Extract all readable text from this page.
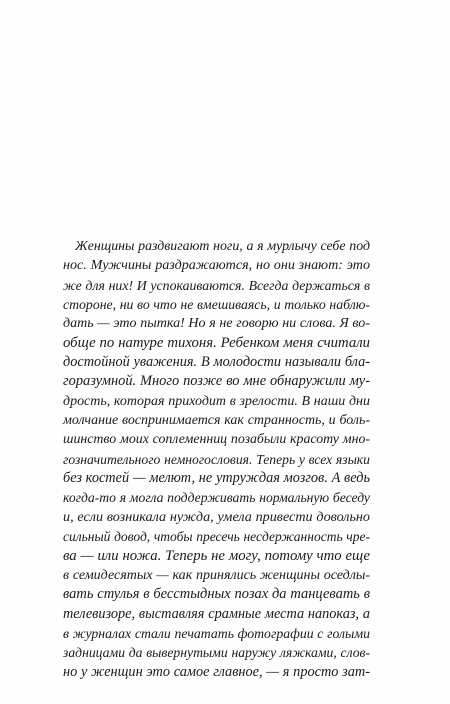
Женщины раздвигают ноги, а я мурлычу себе под
нос. Мужчины раздражаются, но они знают: это
же для них! И успокаиваются. Всегда держаться в
стороне, ни во что не вмешиваясь, и только наблю-
дать — это пытка! Но я не говорю ни слова. Я во-
обще по натуре тихоня. Ребенком меня считали
достойной уважения. В молодости называли бла-
горазумной. Много позже во мне обнаружили му-
дрость, которая приходит в зрелости. В наши дни
молчание воспринимается как странность, и боль-
шинство моих соплеменниц позабыли красоту мно-
гозначительного немногословия. Теперь у всех языки
без костей — мелют, не утруждая мозгов. А ведь
когда-то я могла поддерживать нормальную беседу
и, если возникала нужда, умела привести довольно
сильный довод, чтобы пресечь несдержанность чре-
ва — или ножа. Теперь не могу, потому что еще
в семидесятых — как принялись женщины оседлы-
вать стулья в бесстыдных позах да танцевать в
телевизоре, выставляя срамные места напоказ, а
в журналах стали печатать фотографии с голыми
задницами да вывернутыми наружу ляжками, слов-
но у женщин это самое главное, — я просто зат-
